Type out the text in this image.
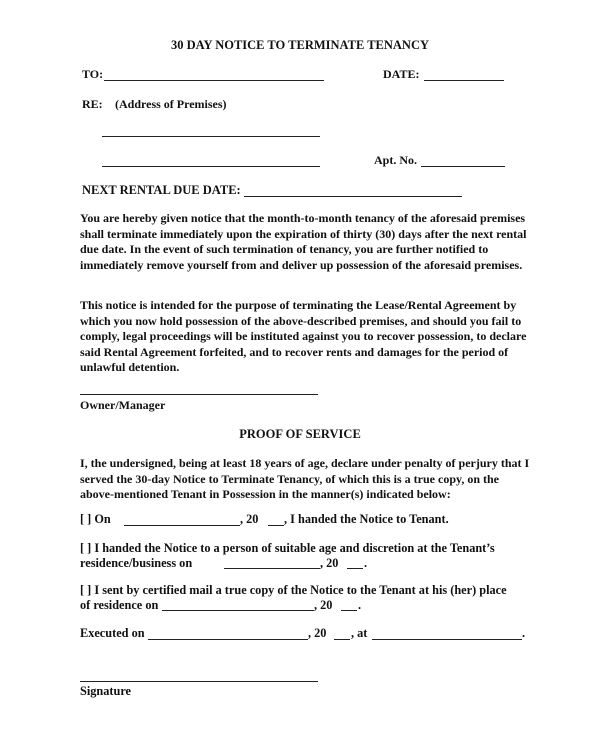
30 DAY NOTICE TO TERMINATE TENANCY
TO:	DATE:
RE: (Address of Premises)
Apt. No.
NEXT RENTAL DUE DATE:
You are hereby given notice that the month-to-month tenancy of the aforesaid premises shall terminate immediately upon the expiration of thirty (30) days after the next rental due date. In the event of such termination of tenancy, you are further notified to immediately remove yourself from and deliver up possession of the aforesaid premises.
This notice is intended for the purpose of terminating the Lease/Rental Agreement by which you now hold possession of the above-described premises, and should you fail to comply, legal proceedings will be instituted against you to recover possession, to declare said Rental Agreement forfeited, and to recover rents and damages for the period of unlawful detention.
Owner/Manager
PROOF OF SERVICE
I, the undersigned, being at least 18 years of age, declare under penalty of perjury that I served the 30-day Notice to Terminate Tenancy, of which this is a true copy, on the above-mentioned Tenant in Possession in the manner(s) indicated below:
[ ] On	, 20 , I handed the Notice to Tenant.
[ ] I handed the Notice to a person of suitable age and discretion at the Tenant’s
residence/business on	, 20 .
[ ] I sent by certified mail a true copy of the Notice to the Tenant at his (her) place
of residence on	, 20 .
Executed on	, 20 , at	.
Signature
